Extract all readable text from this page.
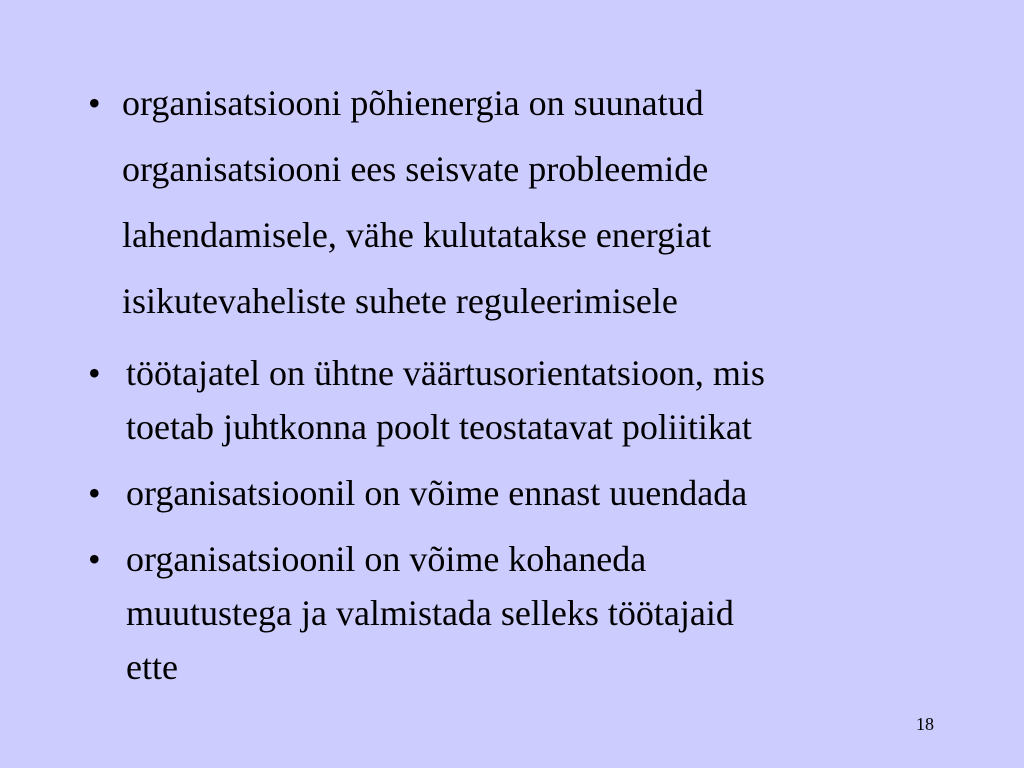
• organisatsiooni põhienergia on suunatud
organisatsiooni ees seisvate probleemide
lahendamisele, vähe kulutatakse energiat
isikutevaheliste suhete reguleerimisele
• töötajatel on ühtne väärtusorientatsioon, mis
toetab juhtkonna poolt teostatavat poliitikat
• organisatsioonil on võime ennast uuendada
• organisatsioonil on võime kohaneda
muutustega ja valmistada selleks töötajaid
ette
18
